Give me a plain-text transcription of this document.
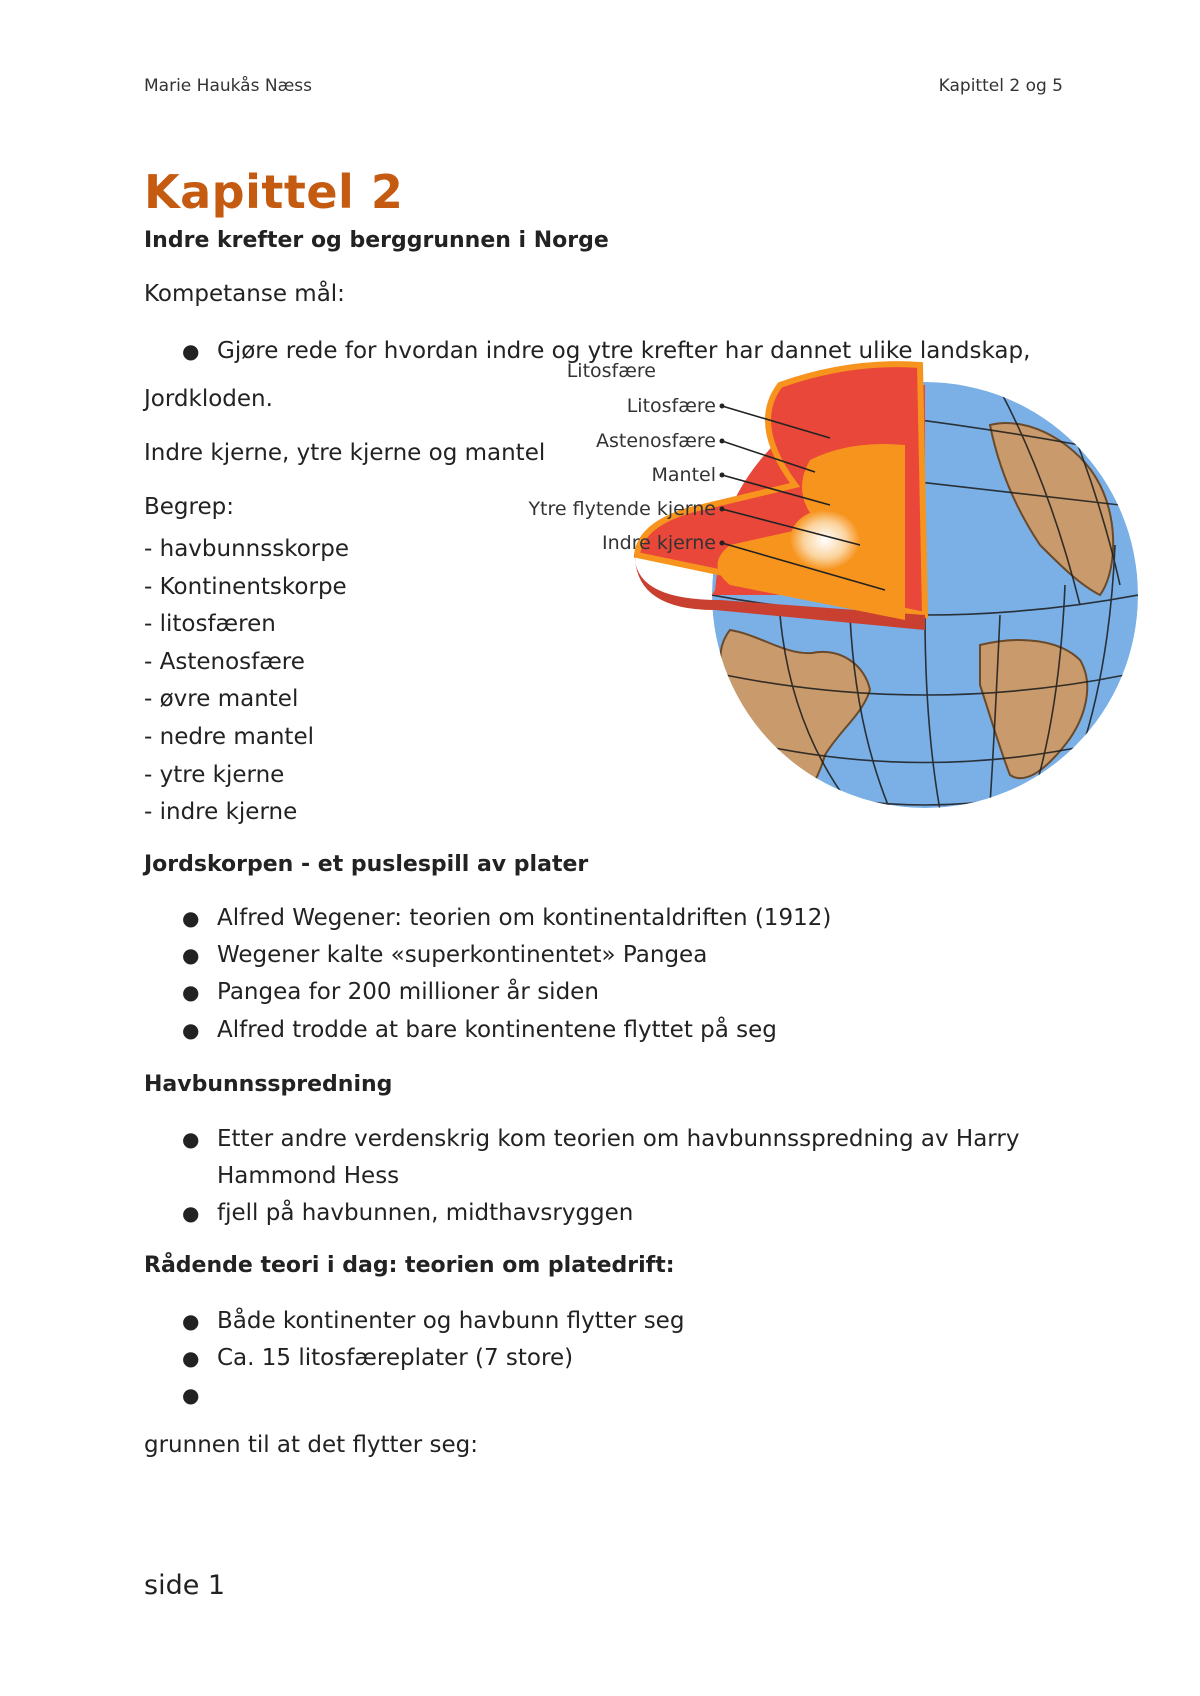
Marie Haukås Næss	Kapittel 2 og 5
Kapittel 2
Indre krefter og berggrunnen i Norge
Kompetanse mål:
● Gjøre rede for hvordan indre og ytre krefter har dannet ulike landskap,
Jordkloden.
Indre kjerne, ytre kjerne og mantel
Begrep:
- havbunnsskorpe
- Kontinentskorpe
- litosfæren
- Astenosfære
- øvre mantel
- nedre mantel
- ytre kjerne
- indre kjerne
Litosfære
Litosfære
Astenosfære
Mantel
Ytre flytende kjerne
Indre kjerne
Jordskorpen - et puslespill av plater
● Alfred Wegener: teorien om kontinentaldriften (1912)
● Wegener kalte «superkontinentet» Pangea
● Pangea for 200 millioner år siden
● Alfred trodde at bare kontinentene flyttet på seg
Havbunnsspredning
● Etter andre verdenskrig kom teorien om havbunnsspredning av Harry Hammond Hess
● fjell på havbunnen, midthavsryggen
Rådende teori i dag: teorien om platedrift:
● Både kontinenter og havbunn flytter seg
● Ca. 15 litosfæreplater (7 store)
●
grunnen til at det flytter seg:
side 1
